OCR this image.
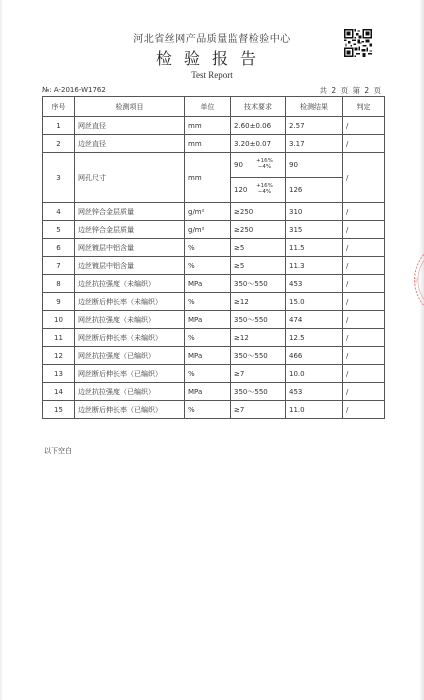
河北省丝网产品质量监督检验中心
检验报告
Test Report
№: A-2016-W1762	共 2 页 第 2 页
序号	检测项目	单位	技术要求	检测结果	判定
1	网丝直径	mm	2.60±0.06	2.57	/
2	边丝直径	mm	3.20±0.07	3.17	/
3	网孔尺寸	mm	90 +16%
−4%	90	/

			120 +16%
−4%	126	
4	网丝锌合金层质量	g/m²	≥250	310	/
5	边丝锌合金层质量	g/m²	≥250	315	/
6	网丝镀层中铝含量	%	≥5	11.5	/
7	边丝镀层中铝含量	%	≥5	11.3	/
8	边丝抗拉强度（未编织）	MPa	350～550	453	/
9	边丝断后伸长率（未编织）	%	≥12	15.0	/
10	网丝抗拉强度（未编织）	MPa	350～550	474	/
11	网丝断后伸长率（未编织）	%	≥12	12.5	/
12	网丝抗拉强度（已编织）	MPa	350～550	466	/
13	网丝断后伸长率（已编织）	%	≥7	10.0	/
14	边丝抗拉强度（已编织）	MPa	350～550	453	/
15	边丝断后伸长率（已编织）	%	≥7	11.0	/
以下空白
于
